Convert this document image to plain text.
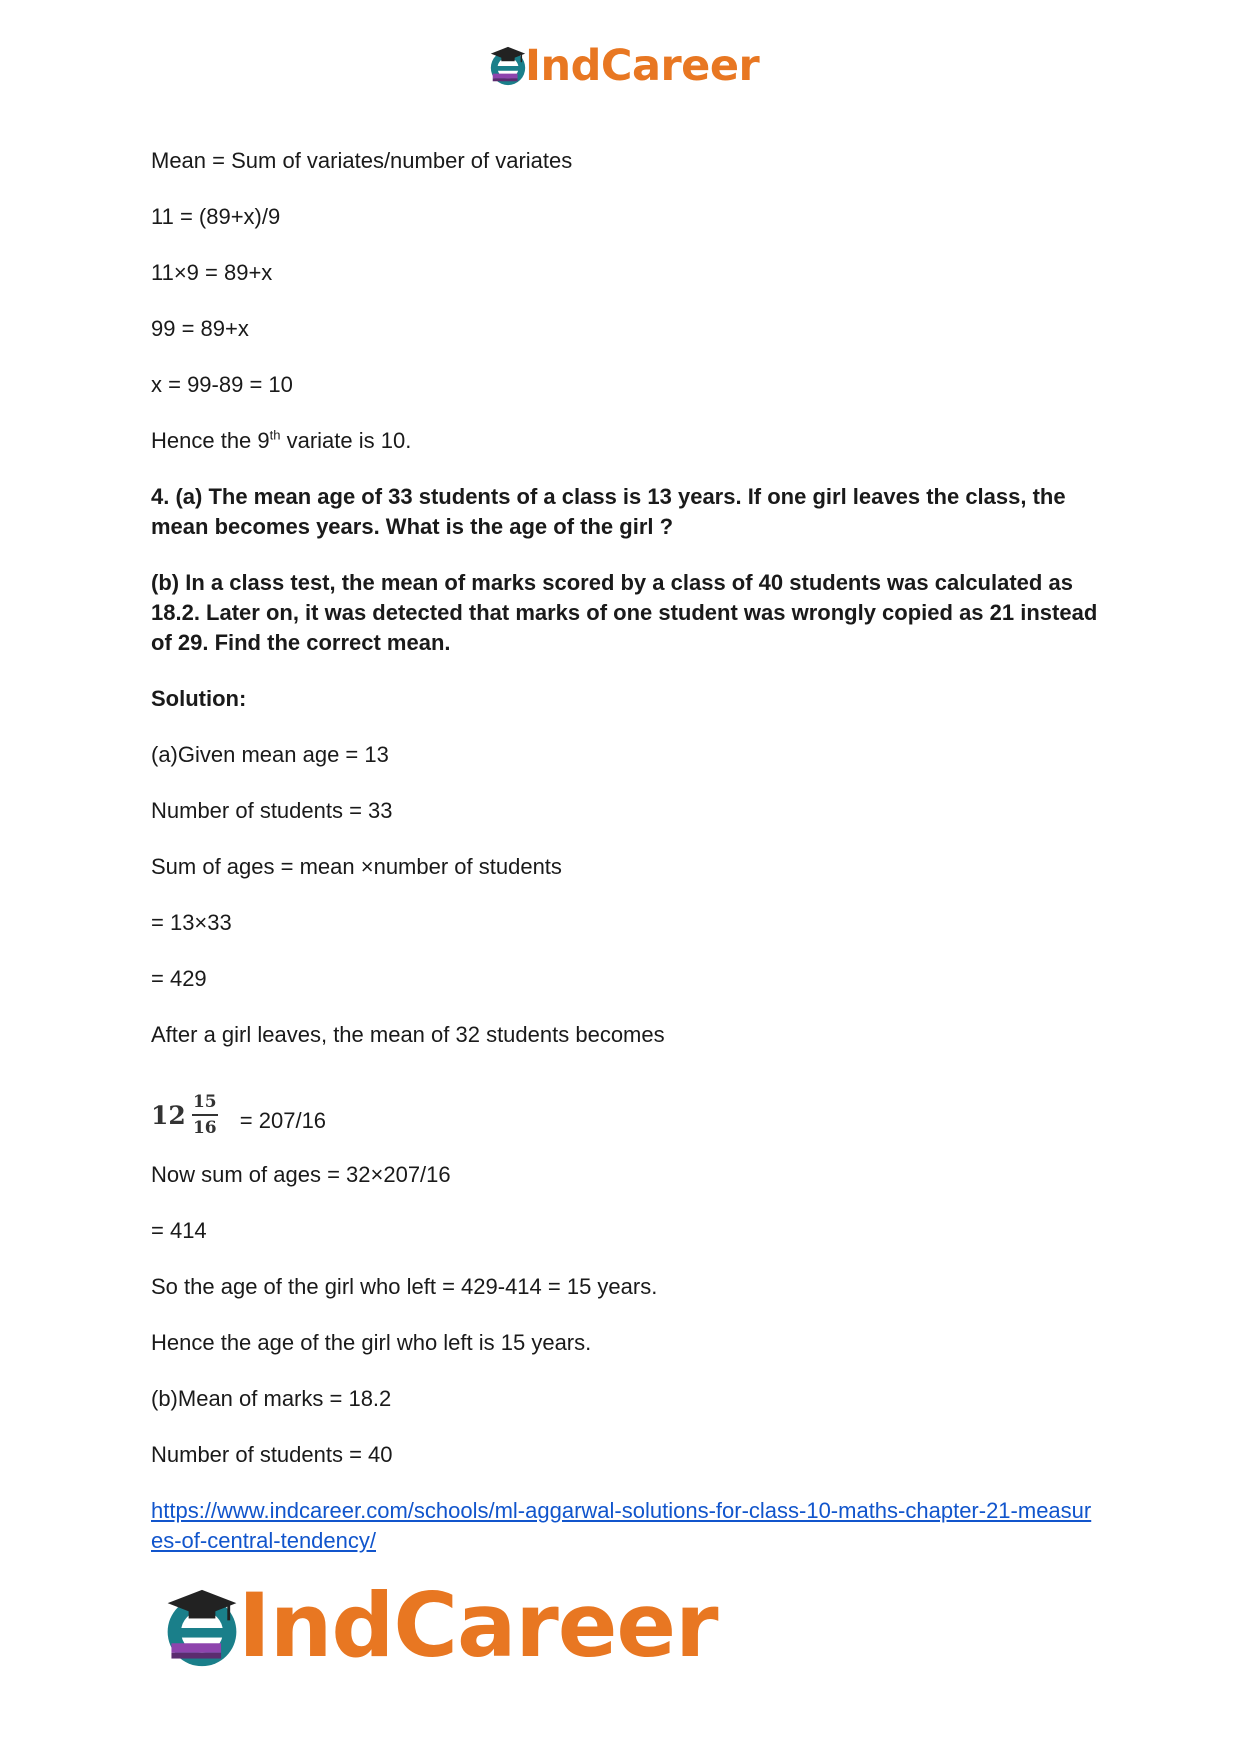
IndCareer

Mean = Sum of variates/number of variates

11 = (89+x)/9

11×9 = 89+x

99 = 89+x

x = 99-89 = 10

Hence the 9th variate is 10.

4. (a) The mean age of 33 students of a class is 13 years. If one girl leaves the class, the mean becomes years. What is the age of the girl ?

(b) In a class test, the mean of marks scored by a class of 40 students was calculated as 18.2. Later on, it was detected that marks of one student was wrongly copied as 21 instead of 29. Find the correct mean.

Solution:

(a)Given mean age = 13

Number of students = 33

Sum of ages = mean ×number of students

= 13×33

= 429

After a girl leaves, the mean of 32 students becomes

$12 \frac{15}{16} = 207/16$

Now sum of ages = 32×207/16

= 414

So the age of the girl who left = 429-414 = 15 years.

Hence the age of the girl who left is 15 years.

(b)Mean of marks = 18.2

Number of students = 40

https://www.indcareer.com/schools/ml-aggarwal-solutions-for-class-10-maths-chapter-21-measures-of-central-tendency/
IndCareer
